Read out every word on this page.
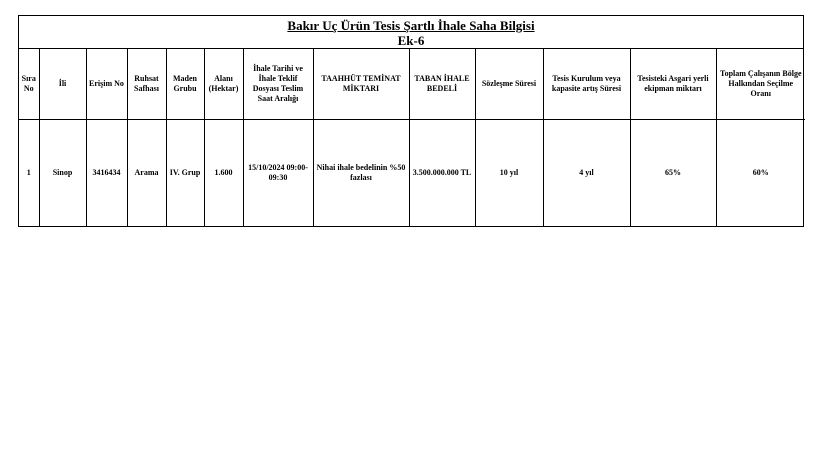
Bakır Uç Ürün Tesis Şartlı İhale Saha Bilgisi
Ek-6
Sıra No	İli	Erişim No	Ruhsat Safhası	Maden Grubu	Alanı (Hektar)	İhale Tarihi ve İhale Teklif Dosyası Teslim Saat Aralığı	TAAHHÜT TEMİNAT MİKTARI	TABAN İHALE BEDELİ	Sözleşme Süresi	Tesis Kurulum veya kapasite artış Süresi	Tesisteki Asgari yerli ekipman miktarı	Toplam Çalışanın Bölge Halkından Seçilme Oranı
1	Sinop	3416434	Arama	IV. Grup	1.600	15/10/2024 09:00-09:30	Nihai ihale bedelinin %50 fazlası	3.500.000.000 TL	10 yıl	4 yıl	65%	60%
